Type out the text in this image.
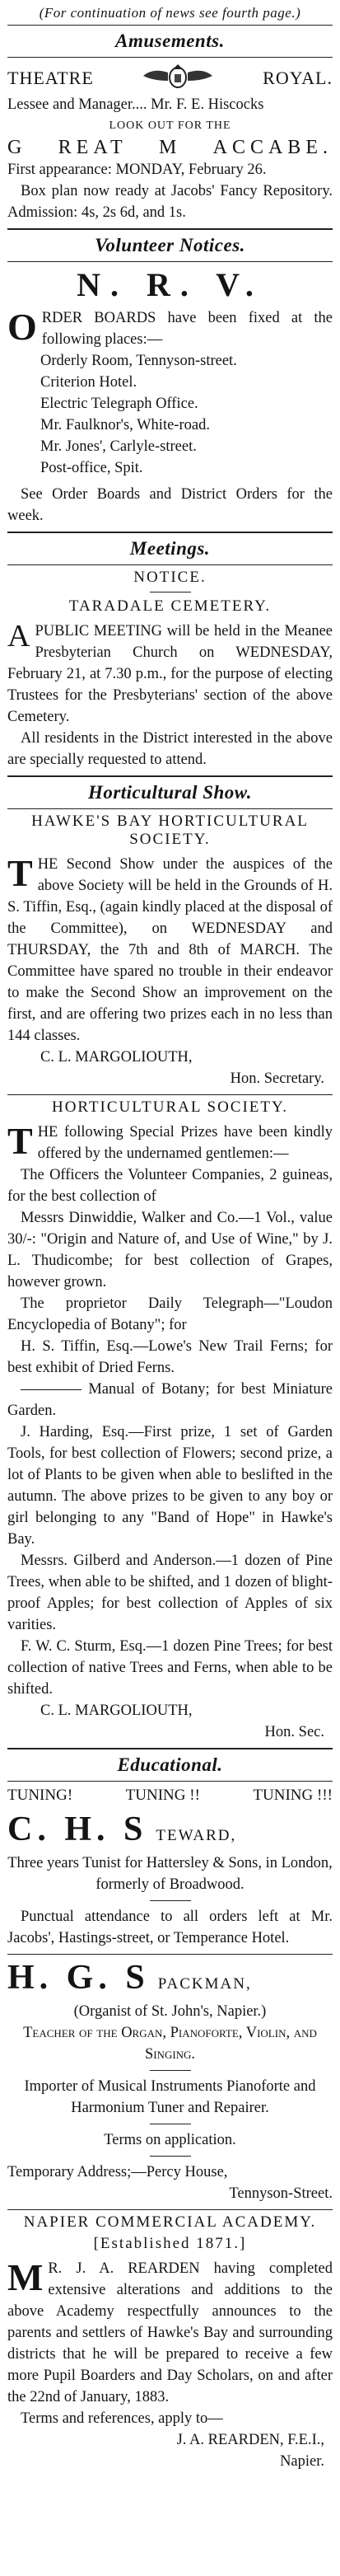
(For continuation of news see fourth page.)
Amusements.
THEATRE	ROYAL.

Lessee and Manager.... Mr. F. E. Hiscocks

LOOK OUT FOR THE

G REAT M ACCABE.

First appearance: MONDAY, February 26.

Box plan now ready at Jacobs' Fancy Repository. Admission: 4s, 2s 6d, and 1s.

Volunteer Notices.
N. R. V.
O RDER BOARDS have been fixed at the following places:—

Orderly Room, Tennyson-street.

Criterion Hotel.

Electric Telegraph Office.

Mr. Faulknor's, White-road.

Mr. Jones', Carlyle-street.

Post-office, Spit.

See Order Boards and District Orders for the week.

Meetings.
NOTICE.
TARADALE CEMETERY.
A PUBLIC MEETING will be held in the Meanee Presbyterian Church on WEDNESDAY, February 21, at 7.30 p.m., for the purpose of electing Trustees for the Presbyterians' section of the above Cemetery.

All residents in the District interested in the above are specially requested to attend.

Horticultural Show.
HAWKE'S BAY HORTICULTURAL SOCIETY.
T HE Second Show under the auspices of the above Society will be held in the Grounds of H. S. Tiffin, Esq., (again kindly placed at the disposal of the Committee), on WEDNESDAY and THURSDAY, the 7th and 8th of MARCH. The Committee have spared no trouble in their endeavor to make the Second Show an improvement on the first, and are offering two prizes each in no less than 144 classes.

C. L. MARGOLIOUTH,

Hon. Secretary.

HORTICULTURAL SOCIETY.
T HE following Special Prizes have been kindly offered by the undernamed gentlemen:—

The Officers the Volunteer Companies, 2 guineas, for the best collection of

Messrs Dinwiddie, Walker and Co.—1 Vol., value 30/-: "Origin and Nature of, and Use of Wine," by J. L. Thudicombe; for best collection of Grapes, however grown.

The proprietor Daily Telegraph—"Loudon Encyclopedia of Botany"; for

H. S. Tiffin, Esq.—Lowe's New Trail Ferns; for best exhibit of Dried Ferns.

———— Manual of Botany; for best Miniature Garden.

J. Harding, Esq.—First prize, 1 set of Garden Tools, for best collection of Flowers; second prize, a lot of Plants to be given when able to beslifted in the autumn. The above prizes to be given to any boy or girl belonging to any "Band of Hope" in Hawke's Bay.

Messrs. Gilberd and Anderson.—1 dozen of Pine Trees, when able to be shifted, and 1 dozen of blight-proof Apples; for best collection of Apples of six varities.

F. W. C. Sturm, Esq.—1 dozen Pine Trees; for best collection of native Trees and Ferns, when able to be shifted.

C. L. MARGOLIOUTH,

Hon. Sec.

Educational.
TUNING!	TUNING !!	TUNING !!!
C. H. S TEWARD,

Three years Tunist for Hattersley & Sons, in London, formerly of Broadwood.

Punctual attendance to all orders left at Mr. Jacobs', Hastings-street, or Temperance Hotel.

H. G. S PACKMAN,

(Organist of St. John's, Napier.)

Teacher of the Organ, Pianoforte, Violin, and Singing.

Importer of Musical Instruments Pianoforte and Harmonium Tuner and Repairer.

Terms on application.

Temporary Address;—Percy House,

Tennyson-Street.

NAPIER COMMERCIAL ACADEMY.
[Established 1871.]
M R. J. A. REARDEN having completed extensive alterations and additions to the above Academy respectfully announces to the parents and settlers of Hawke's Bay and surrounding districts that he will be prepared to receive a few more Pupil Boarders and Day Scholars, on and after the 22nd of January, 1883.

Terms and references, apply to—

J. A. REARDEN, F.E.I.,

Napier.
